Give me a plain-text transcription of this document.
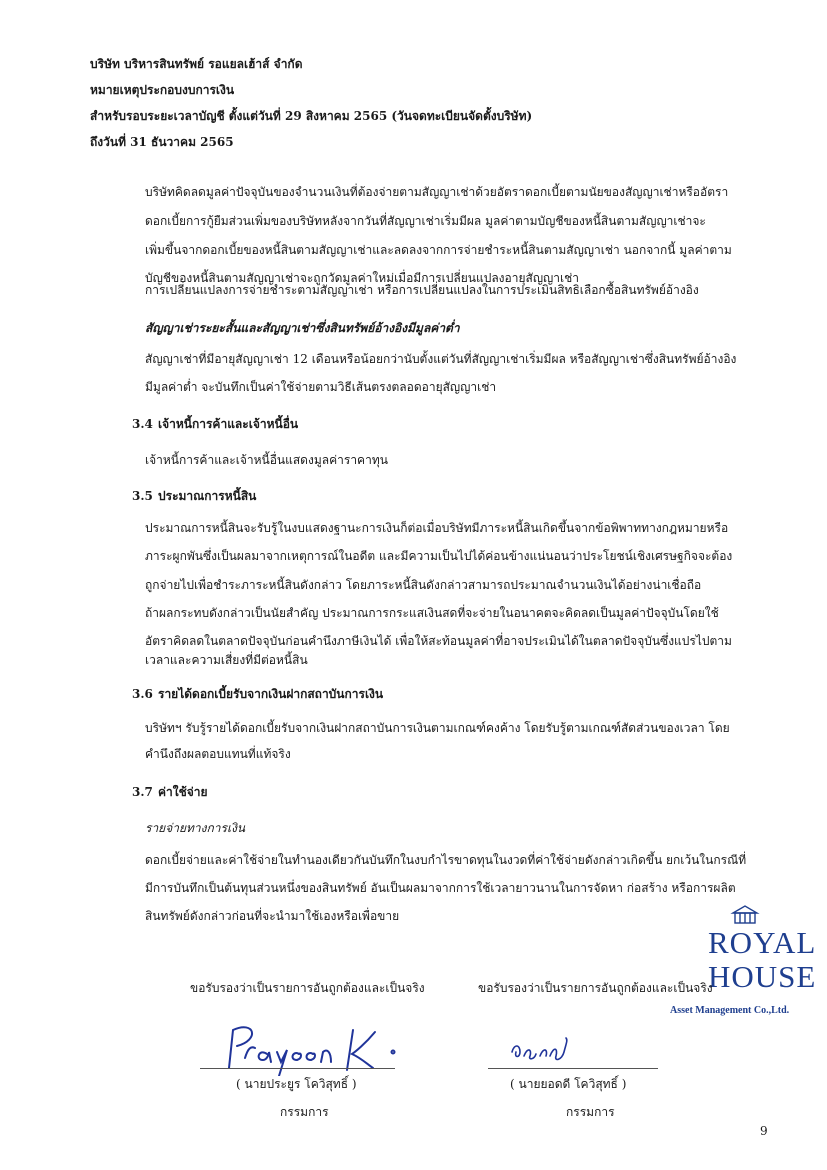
บริษัท บริหารสินทรัพย์ รอแยลเฮ้าส์ จำกัด
หมายเหตุประกอบงบการเงิน
สำหรับรอบระยะเวลาบัญชี ตั้งแต่วันที่ 29 สิงหาคม 2565 (วันจดทะเบียนจัดตั้งบริษัท)
ถึงวันที่ 31 ธันวาคม 2565
บริษัทคิดลดมูลค่าปัจจุบันของจำนวนเงินที่ต้องจ่ายตามสัญญาเช่าด้วยอัตราดอกเบี้ยตามนัยของสัญญาเช่าหรืออัตรา
ดอกเบี้ยการกู้ยืมส่วนเพิ่มของบริษัทหลังจากวันที่สัญญาเช่าเริ่มมีผล มูลค่าตามบัญชีของหนี้สินตามสัญญาเช่าจะ
เพิ่มขึ้นจากดอกเบี้ยของหนี้สินตามสัญญาเช่าและลดลงจากการจ่ายชำระหนี้สินตามสัญญาเช่า นอกจากนี้ มูลค่าตาม
บัญชีของหนี้สินตามสัญญาเช่าจะถูกวัดมูลค่าใหม่เมื่อมีการเปลี่ยนแปลงอายุสัญญาเช่า
การเปลี่ยนแปลงการจ่ายชำระตามสัญญาเช่า หรือการเปลี่ยนแปลงในการประเมินสิทธิเลือกซื้อสินทรัพย์อ้างอิง
สัญญาเช่าระยะสั้นและสัญญาเช่าซึ่งสินทรัพย์อ้างอิงมีมูลค่าต่ำ
สัญญาเช่าที่มีอายุสัญญาเช่า 12 เดือนหรือน้อยกว่านับตั้งแต่วันที่สัญญาเช่าเริ่มมีผล หรือสัญญาเช่าซึ่งสินทรัพย์อ้างอิง
มีมูลค่าต่ำ จะบันทึกเป็นค่าใช้จ่ายตามวิธีเส้นตรงตลอดอายุสัญญาเช่า
3.4 เจ้าหนี้การค้าและเจ้าหนี้อื่น
เจ้าหนี้การค้าและเจ้าหนี้อื่นแสดงมูลค่าราคาทุน
3.5 ประมาณการหนี้สิน
ประมาณการหนี้สินจะรับรู้ในงบแสดงฐานะการเงินก็ต่อเมื่อบริษัทมีภาระหนี้สินเกิดขึ้นจากข้อพิพาททางกฎหมายหรือ
ภาระผูกพันซึ่งเป็นผลมาจากเหตุการณ์ในอดีต และมีความเป็นไปได้ค่อนข้างแน่นอนว่าประโยชน์เชิงเศรษฐกิจจะต้อง
ถูกจ่ายไปเพื่อชำระภาระหนี้สินดังกล่าว โดยภาระหนี้สินดังกล่าวสามารถประมาณจำนวนเงินได้อย่างน่าเชื่อถือ
ถ้าผลกระทบดังกล่าวเป็นนัยสำคัญ ประมาณการกระแสเงินสดที่จะจ่ายในอนาคตจะคิดลดเป็นมูลค่าปัจจุบันโดยใช้
อัตราคิดลดในตลาดปัจจุบันก่อนคำนึงภาษีเงินได้ เพื่อให้สะท้อนมูลค่าที่อาจประเมินได้ในตลาดปัจจุบันซึ่งแปรไปตาม
เวลาและความเสี่ยงที่มีต่อหนี้สิน
3.6 รายได้ดอกเบี้ยรับจากเงินฝากสถาบันการเงิน
บริษัทฯ รับรู้รายได้ดอกเบี้ยรับจากเงินฝากสถาบันการเงินตามเกณฑ์คงค้าง โดยรับรู้ตามเกณฑ์สัดส่วนของเวลา โดย
คำนึงถึงผลตอบแทนที่แท้จริง
3.7 ค่าใช้จ่าย
รายจ่ายทางการเงิน
ดอกเบี้ยจ่ายและค่าใช้จ่ายในทำนองเดียวกันบันทึกในงบกำไรขาดทุนในงวดที่ค่าใช้จ่ายดังกล่าวเกิดขึ้น ยกเว้นในกรณีที่
มีการบันทึกเป็นต้นทุนส่วนหนึ่งของสินทรัพย์ อันเป็นผลมาจากการใช้เวลายาวนานในการจัดหา ก่อสร้าง หรือการผลิต
สินทรัพย์ดังกล่าวก่อนที่จะนำมาใช้เองหรือเพื่อขาย
ROYAL
HOUSE
Asset Management Co.,Ltd.
ขอรับรองว่าเป็นรายการอันถูกต้องและเป็นจริง
( นายประยูร โควิสุทธิ์ )
กรรมการ
ขอรับรองว่าเป็นรายการอันถูกต้องและเป็นจริง
( นายยอดดี โควิสุทธิ์ )
กรรมการ
9
